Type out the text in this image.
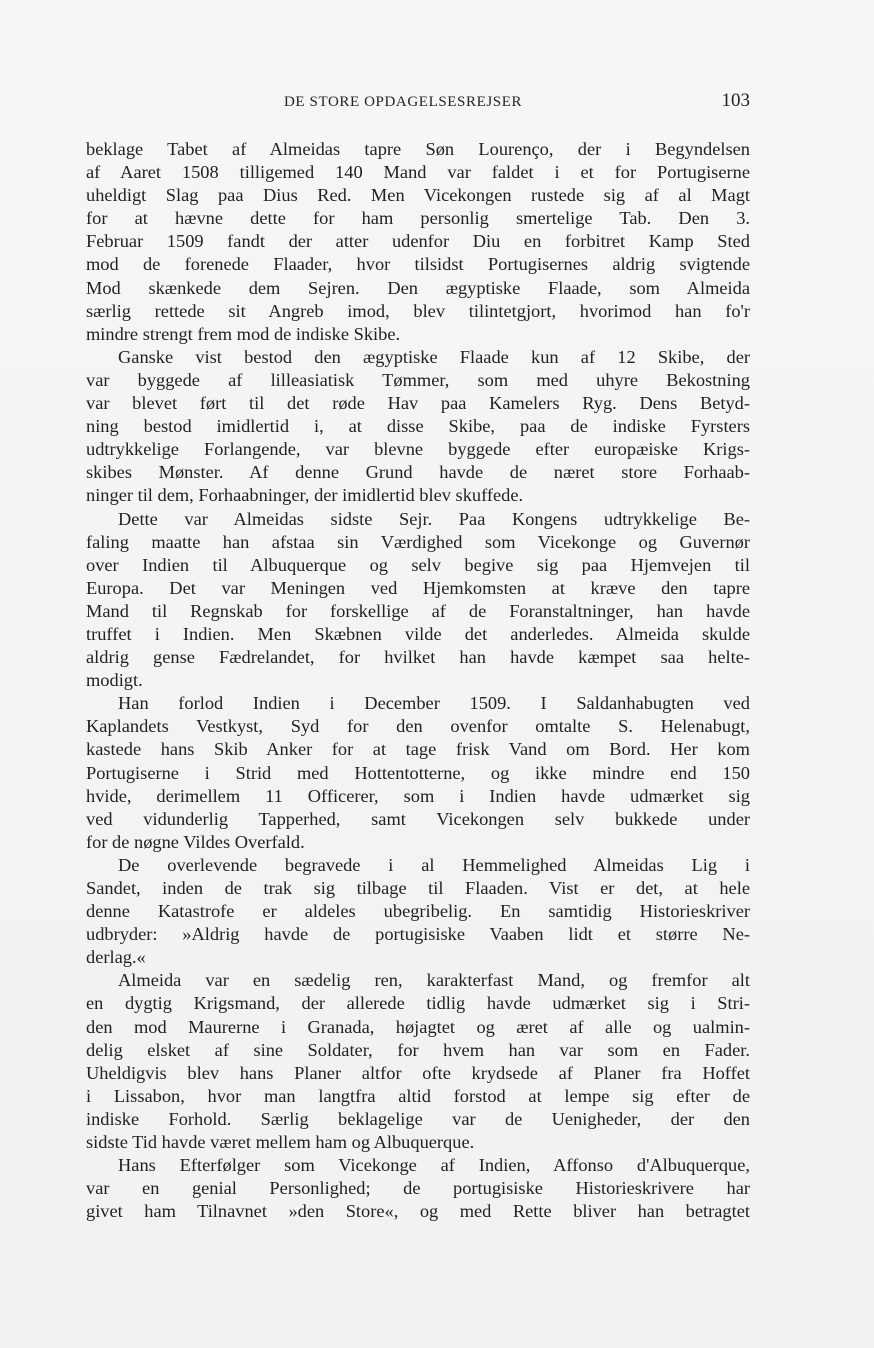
DE STORE OPDAGELSESREJSER	103
beklage Tabet af Almeidas tapre Søn Lourenço, der i Begyndelsen
af Aaret 1508 tilligemed 140 Mand var faldet i et for Portugiserne
uheldigt Slag paa Dius Red. Men Vicekongen rustede sig af al Magt
for at hævne dette for ham personlig smertelige Tab. Den 3.
Februar 1509 fandt der atter udenfor Diu en forbitret Kamp Sted
mod de forenede Flaader, hvor tilsidst Portugisernes aldrig svigtende
Mod skænkede dem Sejren. Den ægyptiske Flaade, som Almeida
særlig rettede sit Angreb imod, blev tilintetgjort, hvorimod han fo'r
mindre strengt frem mod de indiske Skibe.
Ganske vist bestod den ægyptiske Flaade kun af 12 Skibe, der
var byggede af lilleasiatisk Tømmer, som med uhyre Bekostning
var blevet ført til det røde Hav paa Kamelers Ryg. Dens Betyd-
ning bestod imidlertid i, at disse Skibe, paa de indiske Fyrsters
udtrykkelige Forlangende, var blevne byggede efter europæiske Krigs-
skibes Mønster. Af denne Grund havde de næret store Forhaab-
ninger til dem, Forhaabninger, der imidlertid blev skuffede.
Dette var Almeidas sidste Sejr. Paa Kongens udtrykkelige Be-
faling maatte han afstaa sin Værdighed som Vicekonge og Guvernør
over Indien til Albuquerque og selv begive sig paa Hjemvejen til
Europa. Det var Meningen ved Hjemkomsten at kræve den tapre
Mand til Regnskab for forskellige af de Foranstaltninger, han havde
truffet i Indien. Men Skæbnen vilde det anderledes. Almeida skulde
aldrig gense Fædrelandet, for hvilket han havde kæmpet saa helte-
modigt.
Han forlod Indien i December 1509. I Saldanhabugten ved
Kaplandets Vestkyst, Syd for den ovenfor omtalte S. Helenabugt,
kastede hans Skib Anker for at tage frisk Vand om Bord. Her kom
Portugiserne i Strid med Hottentotterne, og ikke mindre end 150
hvide, derimellem 11 Officerer, som i Indien havde udmærket sig
ved vidunderlig Tapperhed, samt Vicekongen selv bukkede under
for de nøgne Vildes Overfald.
De overlevende begravede i al Hemmelighed Almeidas Lig i
Sandet, inden de trak sig tilbage til Flaaden. Vist er det, at hele
denne Katastrofe er aldeles ubegribelig. En samtidig Historieskriver
udbryder: »Aldrig havde de portugisiske Vaaben lidt et større Ne-
derlag.«
Almeida var en sædelig ren, karakterfast Mand, og fremfor alt
en dygtig Krigsmand, der allerede tidlig havde udmærket sig i Stri-
den mod Maurerne i Granada, højagtet og æret af alle og ualmin-
delig elsket af sine Soldater, for hvem han var som en Fader.
Uheldigvis blev hans Planer altfor ofte krydsede af Planer fra Hoffet
i Lissabon, hvor man langtfra altid forstod at lempe sig efter de
indiske Forhold. Særlig beklagelige var de Uenigheder, der den
sidste Tid havde været mellem ham og Albuquerque.
Hans Efterfølger som Vicekonge af Indien, Affonso d'Albuquerque,
var en genial Personlighed; de portugisiske Historieskrivere har
givet ham Tilnavnet »den Store«, og med Rette bliver han betragtet
